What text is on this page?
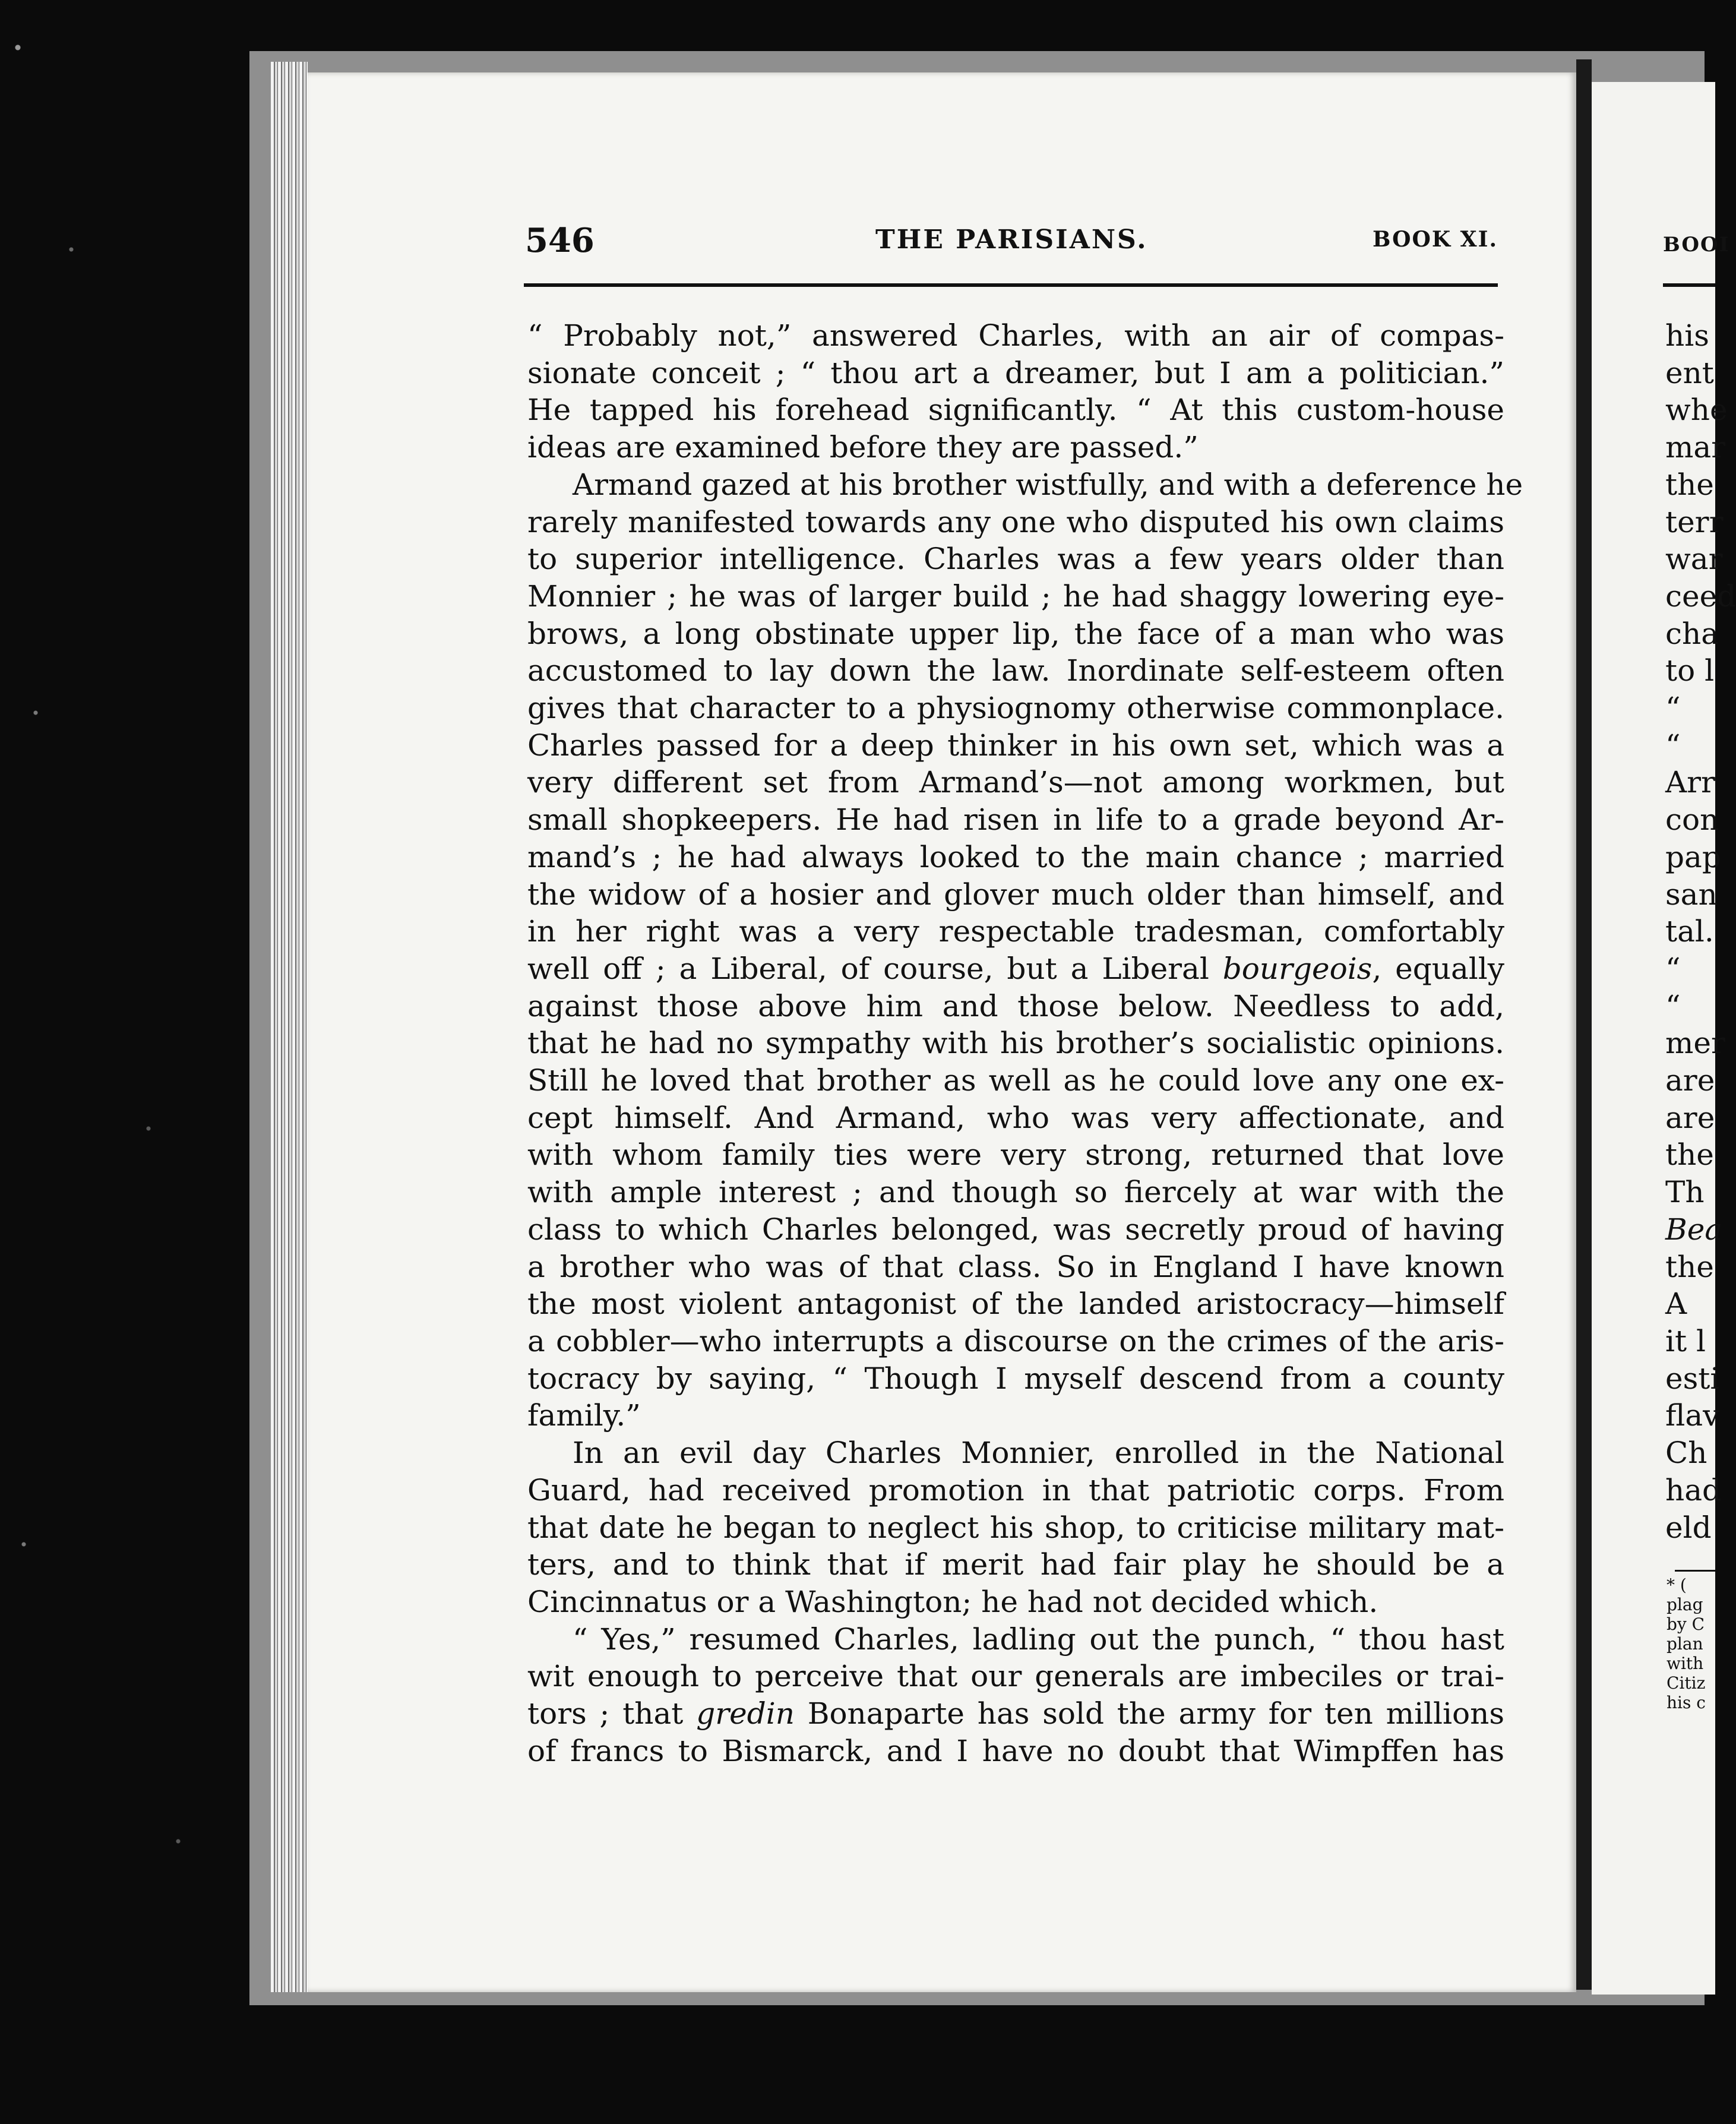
546	THE PARISIANS.	BOOK XI.
“ Probably not,” answered Charles, with an air of compas-
sionate conceit ; “ thou art a dreamer, but I am a politician.”
He tapped his forehead significantly. “ At this custom-house
ideas are examined before they are passed.”
Armand gazed at his brother wistfully, and with a deference he
rarely manifested towards any one who disputed his own claims
to superior intelligence. Charles was a few years older than
Monnier ; he was of larger build ; he had shaggy lowering eye-
brows, a long obstinate upper lip, the face of a man who was
accustomed to lay down the law. Inordinate self-esteem often
gives that character to a physiognomy otherwise commonplace.
Charles passed for a deep thinker in his own set, which was a
very different set from Armand’s—not among workmen, but
small shopkeepers. He had risen in life to a grade beyond Ar-
mand’s ; he had always looked to the main chance ; married
the widow of a hosier and glover much older than himself, and
in her right was a very respectable tradesman, comfortably
well off ; a Liberal, of course, but a Liberal bourgeois, equally
against those above him and those below. Needless to add,
that he had no sympathy with his brother’s socialistic opinions.
Still he loved that brother as well as he could love any one ex-
cept himself. And Armand, who was very affectionate, and
with whom family ties were very strong, returned that love
with ample interest ; and though so fiercely at war with the
class to which Charles belonged, was secretly proud of having
a brother who was of that class. So in England I have known
the most violent antagonist of the landed aristocracy—himself
a cobbler—who interrupts a discourse on the crimes of the aris-
tocracy by saying, “ Though I myself descend from a county
family.”
In an evil day Charles Monnier, enrolled in the National
Guard, had received promotion in that patriotic corps. From
that date he began to neglect his shop, to criticise military mat-
ters, and to think that if merit had fair play he should be a
Cincinnatus or a Washington; he had not decided which.
“ Yes,” resumed Charles, ladling out the punch, “ thou hast
wit enough to perceive that our generals are imbeciles or trai-
tors ; that gredin Bonaparte has sold the army for ten millions
of francs to Bismarck, and I have no doubt that Wimpffen has
BOOI
his
ent
whe
mar
the
terr
war
ceed
cha
to l
“
“
Arr
con
pap
san
tal.
“
“
mer
are
are
the
Th
Bea
the
A
it l
esti
flav
Ch
had
eld
* (
plag
by C
plan
with
Citiz
his c
